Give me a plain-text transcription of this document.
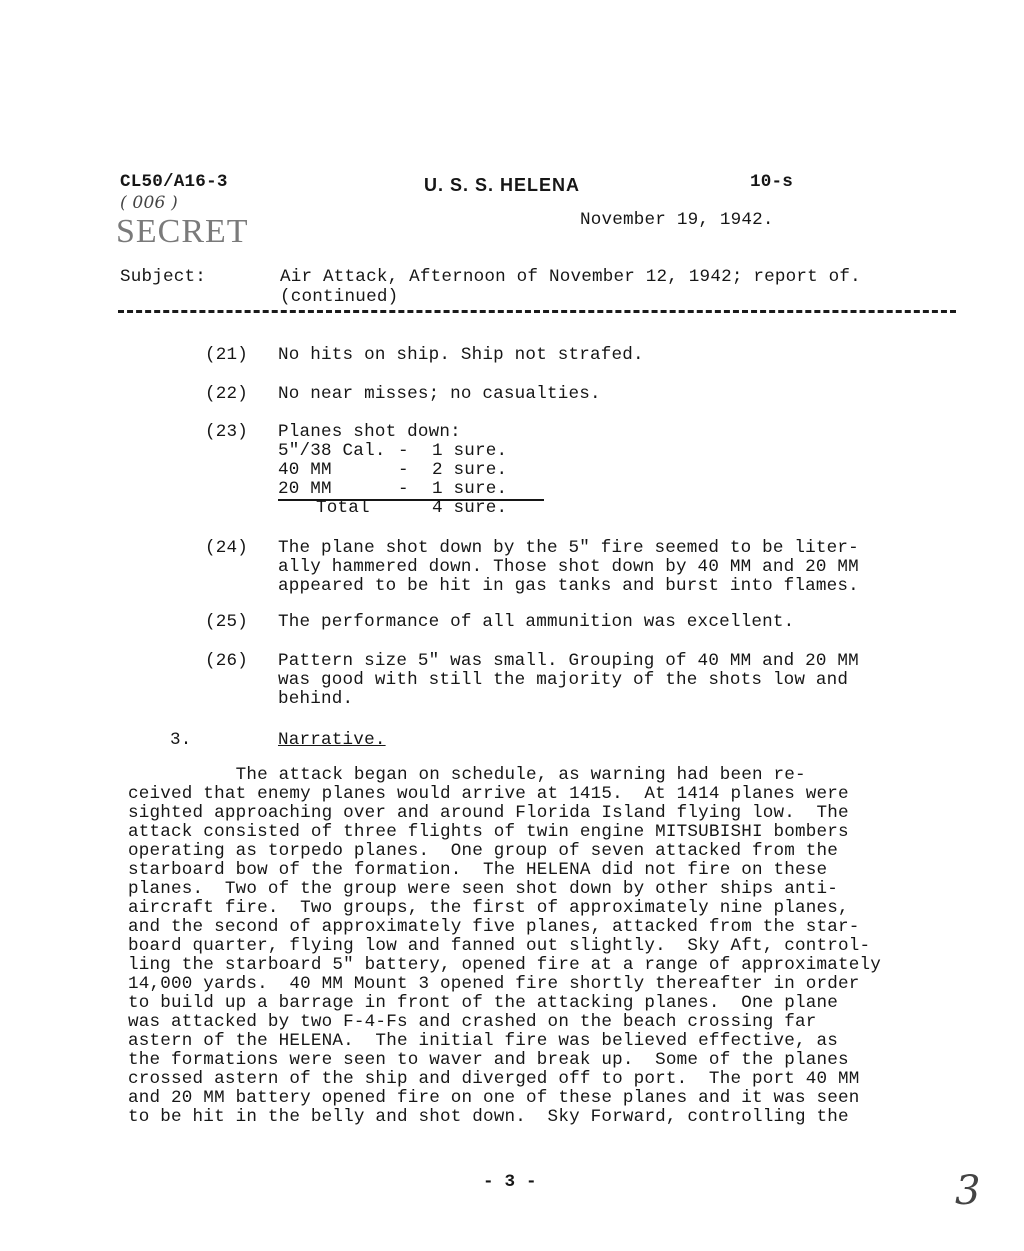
CL50/A16-3
( 006 )
SECRET
U. S. S. HELENA	10-s
November 19, 1942.
Subject:	Air Attack, Afternoon of November 12, 1942; report of.
(continued)
(21) No hits on ship. Ship not strafed.
(22) No near misses; no casualties.
(23) Planes shot down:
5"/38 Cal. - 1 sure.
40 MM	- 2 sure.
20 MM	- 1 sure.
Total	4 sure.
(24) The plane shot down by the 5" fire seemed to be liter-
ally hammered down. Those shot down by 40 MM and 20 MM
appeared to be hit in gas tanks and burst into flames.
(25) The performance of all ammunition was excellent.
(26) Pattern size 5" was small. Grouping of 40 MM and 20 MM
was good with still the majority of the shots low and
behind.
3.	Narrative.
The attack began on schedule, as warning had been re-
ceived that enemy planes would arrive at 1415.  At 1414 planes were
sighted approaching over and around Florida Island flying low.  The
attack consisted of three flights of twin engine MITSUBISHI bombers
operating as torpedo planes.  One group of seven attacked from the
starboard bow of the formation.  The HELENA did not fire on these
planes.  Two of the group were seen shot down by other ships anti-
aircraft fire.  Two groups, the first of approximately nine planes,
and the second of approximately five planes, attacked from the star-
board quarter, flying low and fanned out slightly.  Sky Aft, control-
ling the starboard 5" battery, opened fire at a range of approximately
14,000 yards.  40 MM Mount 3 opened fire shortly thereafter in order
to build up a barrage in front of the attacking planes.  One plane
was attacked by two F-4-Fs and crashed on the beach crossing far
astern of the HELENA.  The initial fire was believed effective, as
the formations were seen to waver and break up.  Some of the planes
crossed astern of the ship and diverged off to port.  The port 40 MM
and 20 MM battery opened fire on one of these planes and it was seen
to be hit in the belly and shot down.  Sky Forward, controlling the
- 3 -	3
